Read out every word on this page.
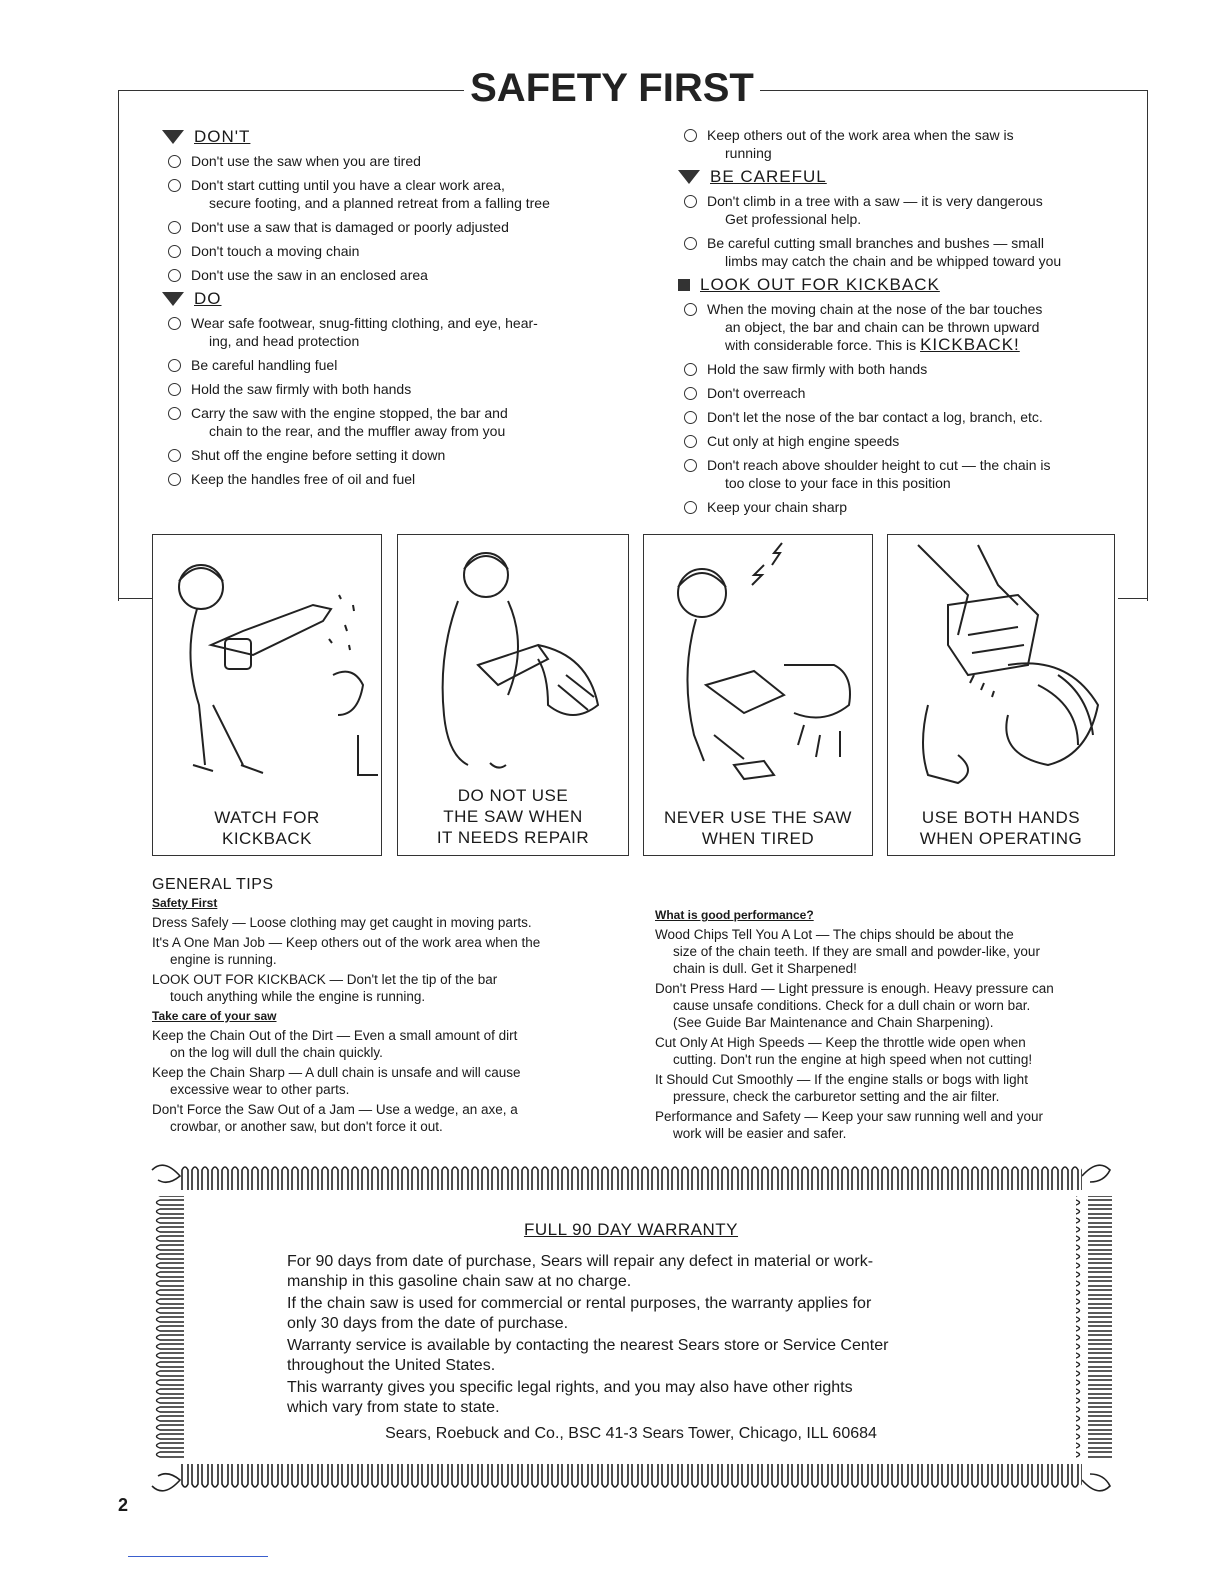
SAFETY FIRST
DON'T
Don't use the saw when you are tired
Don't start cutting until you have a clear work area,
secure footing, and a planned retreat from a falling tree
Don't use a saw that is damaged or poorly adjusted
Don't touch a moving chain
Don't use the saw in an enclosed area
DO
Wear safe footwear, snug-fitting clothing, and eye, hear-
ing, and head protection
Be careful handling fuel
Hold the saw firmly with both hands
Carry the saw with the engine stopped, the bar and
chain to the rear, and the muffler away from you
Shut off the engine before setting it down
Keep the handles free of oil and fuel
Keep others out of the work area when the saw is
running
BE CAREFUL
Don't climb in a tree with a saw — it is very dangerous
Get professional help.
Be careful cutting small branches and bushes — small
limbs may catch the chain and be whipped toward you
LOOK OUT FOR KICKBACK
When the moving chain at the nose of the bar touches
an object, the bar and chain can be thrown upward
with considerable force. This is KICKBACK!
Hold the saw firmly with both hands
Don't overreach
Don't let the nose of the bar contact a log, branch, etc.
Cut only at high engine speeds
Don't reach above shoulder height to cut — the chain is
too close to your face in this position
Keep your chain sharp
WATCH FOR
KICKBACK
DO NOT USE
THE SAW WHEN
IT NEEDS REPAIR
NEVER USE THE SAW
WHEN TIRED
USE BOTH HANDS
WHEN OPERATING
GENERAL TIPS
Safety First
Dress Safely — Loose clothing may get caught in moving parts.
It's A One Man Job — Keep others out of the work area when the
engine is running.
LOOK OUT FOR KICKBACK — Don't let the tip of the bar
touch anything while the engine is running.
Take care of your saw
Keep the Chain Out of the Dirt — Even a small amount of dirt
on the log will dull the chain quickly.
Keep the Chain Sharp — A dull chain is unsafe and will cause
excessive wear to other parts.
Don't Force the Saw Out of a Jam — Use a wedge, an axe, a
crowbar, or another saw, but don't force it out.
What is good performance?
Wood Chips Tell You A Lot — The chips should be about the
size of the chain teeth. If they are small and powder-like, your
chain is dull. Get it Sharpened!
Don't Press Hard — Light pressure is enough. Heavy pressure can
cause unsafe conditions. Check for a dull chain or worn bar.
(See Guide Bar Maintenance and Chain Sharpening).
Cut Only At High Speeds — Keep the throttle wide open when
cutting. Don't run the engine at high speed when not cutting!
It Should Cut Smoothly — If the engine stalls or bogs with light
pressure, check the carburetor setting and the air filter.
Performance and Safety — Keep your saw running well and your
work will be easier and safer.
FULL 90 DAY WARRANTY

For 90 days from date of purchase, Sears will repair any defect in material or work-
manship in this gasoline chain saw at no charge.

If the chain saw is used for commercial or rental purposes, the warranty applies for
only 30 days from the date of purchase.

Warranty service is available by contacting the nearest Sears store or Service Center
throughout the United States.

This warranty gives you specific legal rights, and you may also have other rights
which vary from state to state.

Sears, Roebuck and Co., BSC 41-3 Sears Tower, Chicago, ILL 60684
2
